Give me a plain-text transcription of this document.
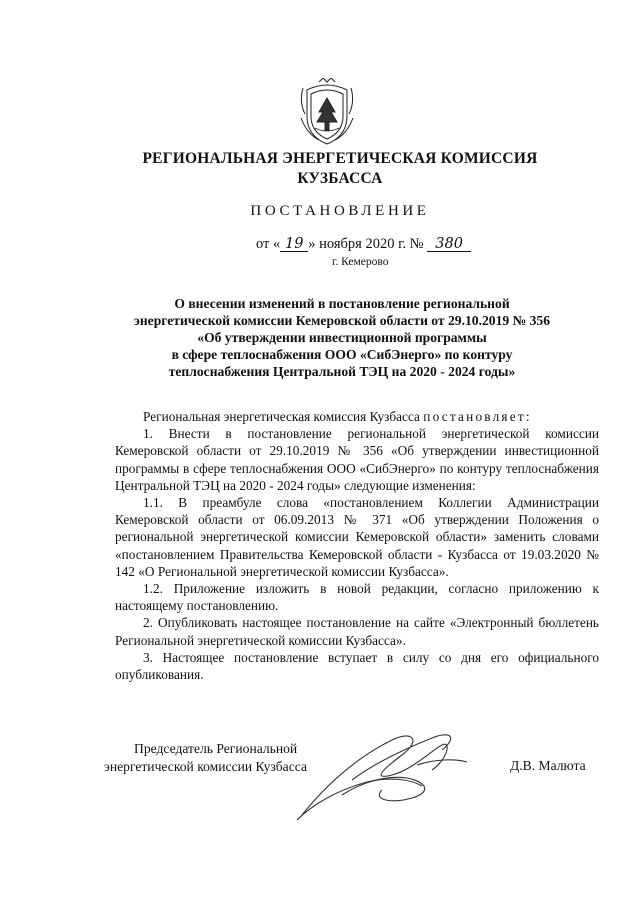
РЕГИОНАЛЬНАЯ ЭНЕРГЕТИЧЕСКАЯ КОМИССИЯ
КУЗБАССА
ПОСТАНОВЛЕНИЕ
от « 19 » ноября 2020 г. № 380
г. Кемерово
О внесении изменений в постановление региональной
энергетической комиссии Кемеровской области от 29.10.2019 № 356
«Об утверждении инвестиционной программы
в сфере теплоснабжения ООО «СибЭнерго» по контуру
теплоснабжения Центральной ТЭЦ на 2020 - 2024 годы»

Региональная энергетическая комиссия Кузбасса постановляет:

1. Внести в постановление региональной энергетической комиссии Кемеровской области от 29.10.2019 № 356 «Об утверждении инвестиционной программы в сфере теплоснабжения ООО «СибЭнерго» по контуру теплоснабжения Центральной ТЭЦ на 2020 - 2024 годы» следующие изменения:

1.1. В преамбуле слова «постановлением Коллегии Администрации Кемеровской области от 06.09.2013 № 371 «Об утверждении Положения о региональной энергетической комиссии Кемеровской области» заменить словами «постановлением Правительства Кемеровской области - Кузбасса от 19.03.2020 № 142 «О Региональной энергетической комиссии Кузбасса».

1.2. Приложение изложить в новой редакции, согласно приложению к настоящему постановлению.

2. Опубликовать настоящее постановление на сайте «Электронный бюллетень Региональной энергетической комиссии Кузбасса».

3. Настоящее постановление вступает в силу со дня его официального опубликования.

Председатель Региональной
энергетической комиссии Кузбасса	Д.В. Малюта
